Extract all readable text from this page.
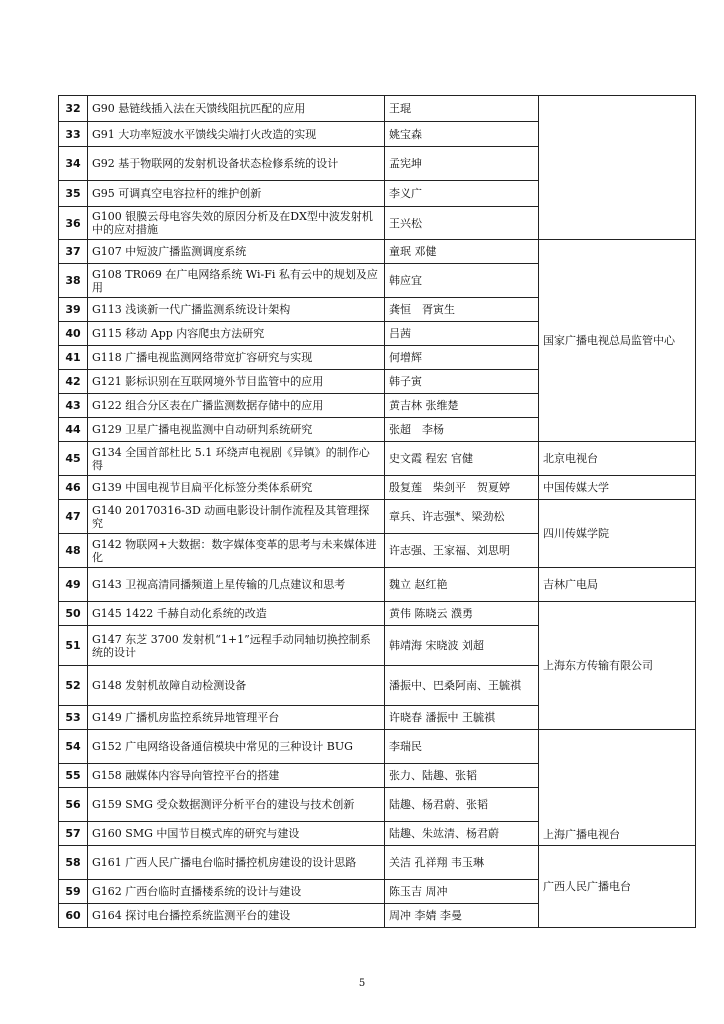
32	G90 悬链线插入法在天馈线阻抗匹配的应用	王琨	
33	G91 大功率短波水平馈线尖端打火改造的实现	姚宝森	
34	G92 基于物联网的发射机设备状态检修系统的设计	孟宪坤	
35	G95 可调真空电容拉杆的维护创新	李义广	
36	G100 银膜云母电容失效的原因分析及在DX型中波发射机中的应对措施	王兴松	
37	G107 中短波广播监测调度系统	童珉 邓健	国家广播电视总局监管中心
38	G108 TR069 在广电网络系统 Wi-Fi 私有云中的规划及应用	韩应宜	
39	G113 浅谈新一代广播监测系统设计架构	龚恒　胥寅生	
40	G115 移动 App 内容爬虫方法研究	吕茜	
41	G118 广播电视监测网络带宽扩容研究与实现	何增辉	
42	G121 影标识别在互联网境外节目监管中的应用	韩子寅	
43	G122 组合分区表在广播监测数据存储中的应用	黄吉林 张维楚	
44	G129 卫星广播电视监测中自动研判系统研究	张超　李杨	
45	G134 全国首部杜比 5.1 环绕声电视剧《异镇》的制作心得	史文霞 程宏 官健	北京电视台
46	G139 中国电视节目扁平化标签分类体系研究	殷复莲　柴剑平　贺夏婷	中国传媒大学
47	G140 20170316-3D 动画电影设计制作流程及其管理探究	章兵、许志强*、梁劲松	四川传媒学院
48	G142 物联网+大数据：数字媒体变革的思考与未来媒体进化	许志强、王家福、刘思明	
49	G143 卫视高清同播频道上星传输的几点建议和思考	魏立 赵红艳	吉林广电局
50	G145 1422 千赫自动化系统的改造	黄伟 陈晓云 濮勇	上海东方传输有限公司
51	G147 东芝 3700 发射机“1+1”远程手动同轴切换控制系统的设计	韩靖海 宋晓波 刘超	
52	G148 发射机故障自动检测设备	潘振中、巴桑阿南、王毓祺	
53	G149 广播机房监控系统异地管理平台	许晓春 潘振中 王毓祺	
54	G152 广电网络设备通信模块中常见的三种设计 BUG	李瑞民	上海广播电视台
55	G158 融媒体内容导向管控平台的搭建	张力、陆趣、张韬	
56	G159 SMG 受众数据测评分析平台的建设与技术创新	陆趣、杨君蔚、张韬	
57	G160 SMG 中国节目模式库的研究与建设	陆趣、朱竑清、杨君蔚	
58	G161 广西人民广播电台临时播控机房建设的设计思路	关洁 孔祥翔 韦玉琳	广西人民广播电台
59	G162 广西台临时直播楼系统的设计与建设	陈玉吉 周冲	
60	G164 探讨电台播控系统监测平台的建设	周冲 李婧 李曼	
5
